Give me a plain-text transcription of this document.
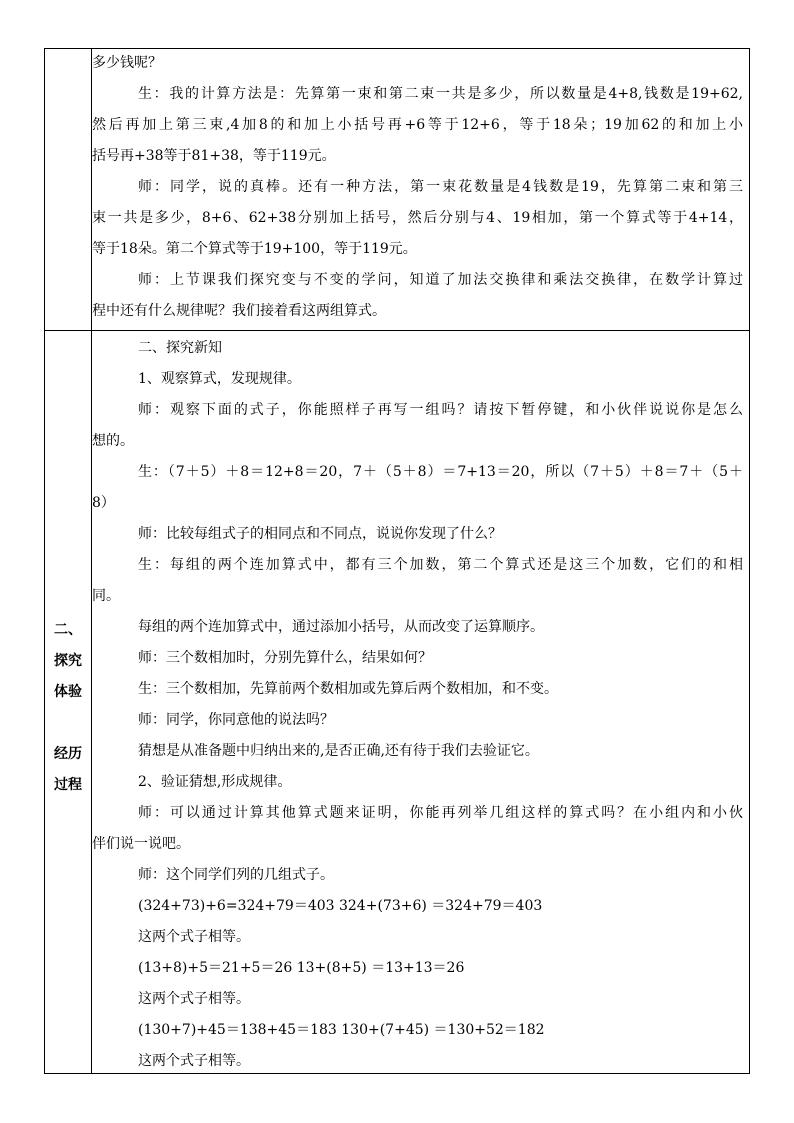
二、
探究
体验

经历
过程
多少钱呢？
生：我的计算方法是：先算第一束和第二束一共是多少，所以数量是4+8,钱数是19+62,
然后再加上第三束,4加8的和加上小括号再+6等于12+6，等于18朵；19加62的和加上小
括号再+38等于81+38，等于119元。
师：同学，说的真棒。还有一种方法，第一束花数量是4钱数是19，先算第二束和第三
束一共是多少，8+6、62+38分别加上括号，然后分别与4、19相加，第一个算式等于4+14，
等于18朵。第二个算式等于19+100，等于119元。
师：上节课我们探究变与不变的学问，知道了加法交换律和乘法交换律，在数学计算过
程中还有什么规律呢？我们接着看这两组算式。
二、探究新知
1、观察算式，发现规律。
师：观察下面的式子，你能照样子再写一组吗？请按下暂停键，和小伙伴说说你是怎么
想的。
生：（7＋5）＋8＝12+8＝20，7＋（5＋8）＝7+13＝20，所以（7＋5）＋8＝7＋（5＋
8）
师：比较每组式子的相同点和不同点，说说你发现了什么？
生：每组的两个连加算式中，都有三个加数，第二个算式还是这三个加数，它们的和相
同。
每组的两个连加算式中，通过添加小括号，从而改变了运算顺序。
师：三个数相加时，分别先算什么，结果如何？
生：三个数相加，先算前两个数相加或先算后两个数相加，和不变。
师：同学，你同意他的说法吗？
猜想是从准备题中归纳出来的,是否正确,还有待于我们去验证它。
2、验证猜想,形成规律。
师：可以通过计算其他算式题来证明，你能再列举几组这样的算式吗？在小组内和小伙
伴们说一说吧。
师：这个同学们列的几组式子。
(324+73)+6=324+79＝403 324+(73+6) ＝324+79＝403
这两个式子相等。
(13+8)+5＝21+5＝26 13+(8+5) ＝13+13＝26
这两个式子相等。
(130+7)+45＝138+45＝183 130+(7+45) ＝130+52＝182
这两个式子相等。
